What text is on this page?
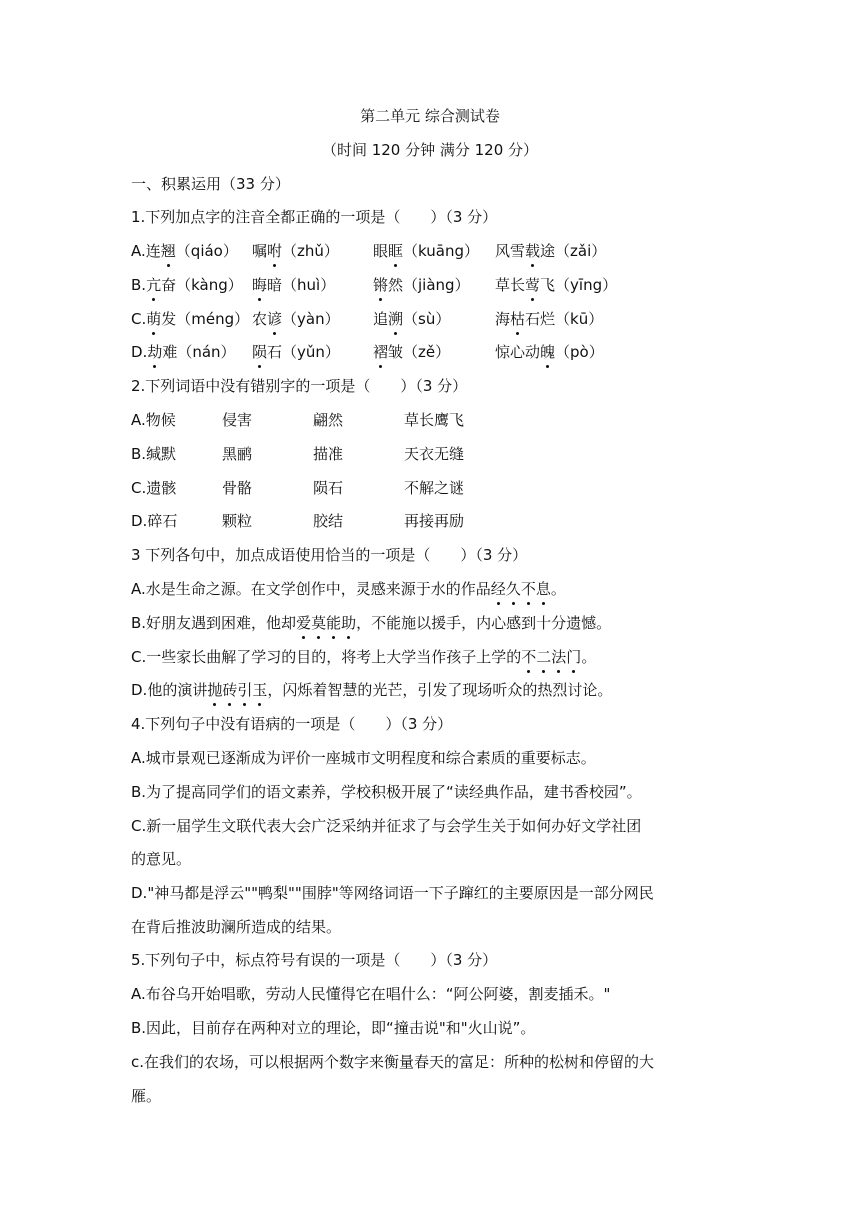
第二单元 综合测试卷
（时间 120 分钟 满分 120 分）
一、积累运用（33 分）
1.下列加点字的注音全都正确的一项是（　　）（3 分）
A.连翘（qiáo） 嘱咐（zhǔ） 眼眶（kuāng） 风雪载途（zǎi）
B.亢奋（kàng） 晦暗（huì）	锵然（jiàng） 草长莺飞（yīng）
C.萌发（méng） 农谚（yàn） 追溯（sù）	海枯石烂（kū）
D.劫难（nán） 陨石（yǔn） 褶皱（zě）	惊心动魄（pò）
2.下列词语中没有错别字的一项是（　　）（3 分）
A.物候	侵害	翩然	草长鹰飞
B.缄默	黑鹂	描准	天衣无缝
C.遗骸	骨骼	陨石	不解之谜
D.碎石	颗粒	胶结	再接再励
3 下列各句中，加点成语使用恰当的一项是（　　）（3 分）
A.水是生命之源。在文学创作中，灵感来源于水的作品经久不息。
B.好朋友遇到困难，他却爱莫能助，不能施以援手，内心感到十分遗憾。
C.一些家长曲解了学习的目的，将考上大学当作孩子上学的不二法门。
D.他的演讲抛砖引玉，闪烁着智慧的光芒，引发了现场听众的热烈讨论。
4.下列句子中没有语病的一项是（　　）（3 分）
A.城市景观已逐渐成为评价一座城市文明程度和综合素质的重要标志。
B.为了提高同学们的语文素养，学校积极开展了“读经典作品，建书香校园”。
C.新一届学生文联代表大会广泛采纳并征求了与会学生关于如何办好文学社团
的意见。
D."神马都是浮云""鸭梨""围脖"等网络词语一下子蹿红的主要原因是一部分网民
在背后推波助澜所造成的结果。
5.下列句子中，标点符号有误的一项是（　　）（3 分）
A.布谷乌开始唱歌，劳动人民懂得它在唱什么：“阿公阿婆，割麦插禾。"
B.因此，目前存在两种对立的理论，即“撞击说"和"火山说”。
c.在我们的农场，可以根据两个数字来衡量春天的富足：所种的松树和停留的大
雁。
